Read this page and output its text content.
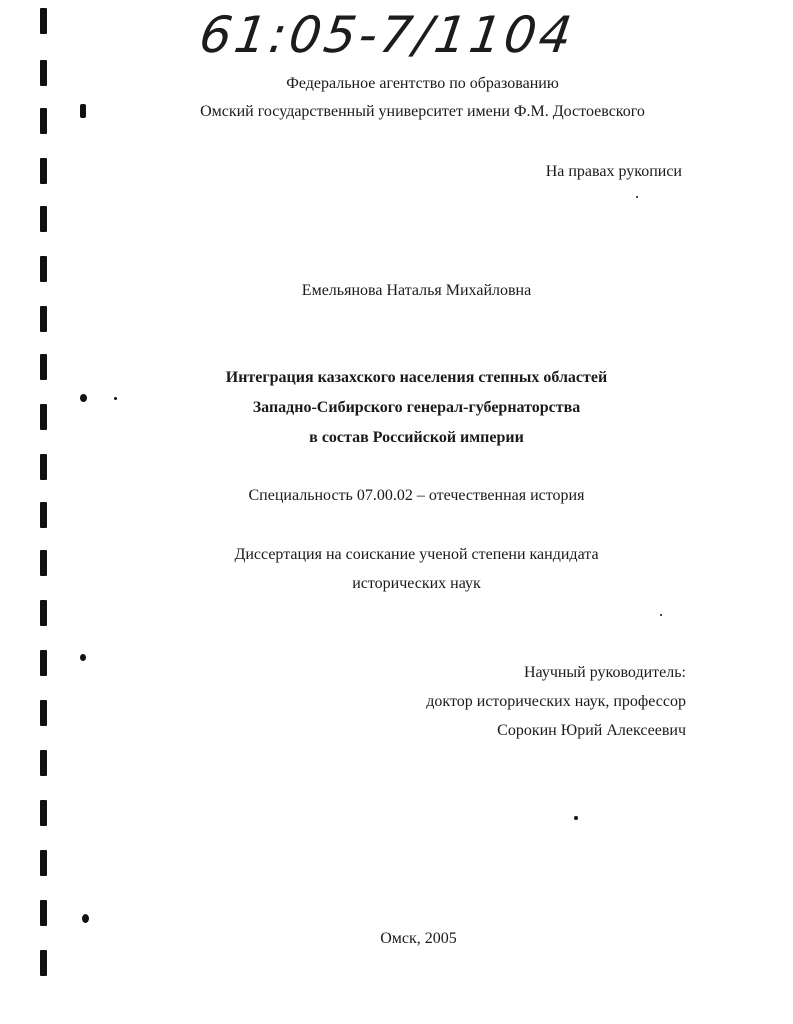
61:05-7/1104
Федеральное агентство по образованию
Омский государственный университет имени Ф.М. Достоевского
На правах рукописи
Емельянова Наталья Михайловна
Интеграция казахского населения степных областей
Западно-Сибирского генерал-губернаторства
в состав Российской империи
Специальность 07.00.02 – отечественная история
Диссертация на соискание ученой степени кандидата
исторических наук
Научный руководитель:
доктор исторических наук, профессор
Сорокин Юрий Алексеевич
Омск, 2005
